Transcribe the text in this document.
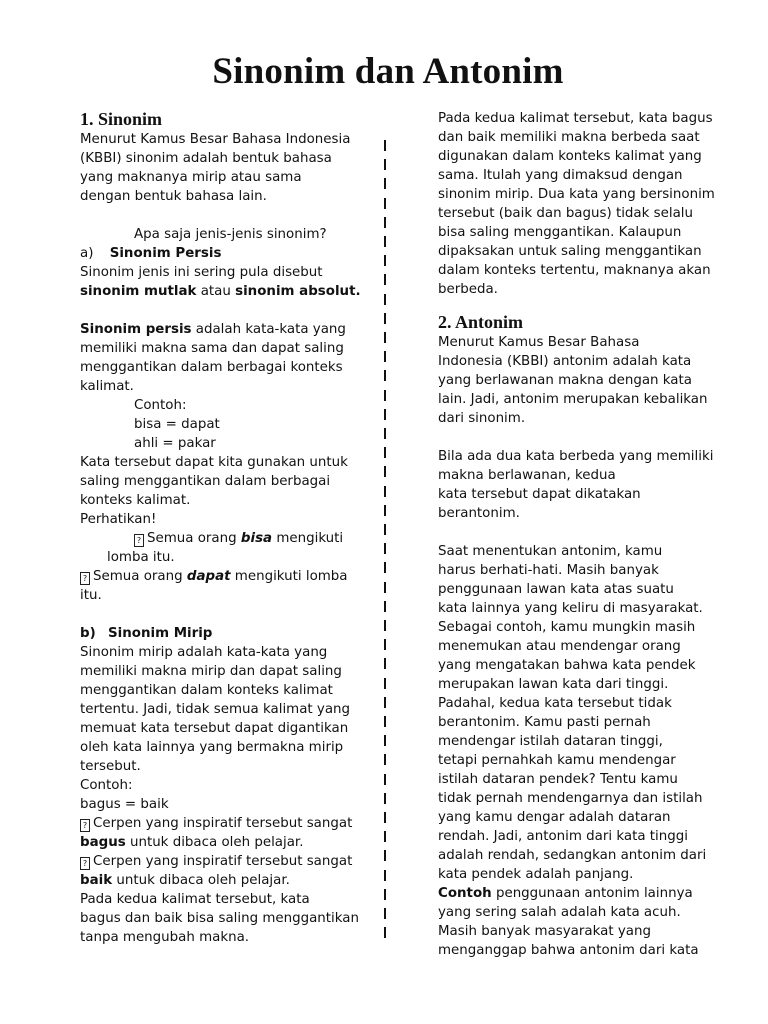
Sinonim dan Antonim
1. Sinonim
Menurut Kamus Besar Bahasa Indonesia
(KBBI) sinonim adalah bentuk bahasa
yang maknanya mirip atau sama
dengan bentuk bahasa lain.
Apa saja jenis-jenis sinonim?
a) Sinonim Persis
Sinonim jenis ini sering pula disebut
sinonim mutlak atau sinonim absolut.
Sinonim persis adalah kata-kata yang
memiliki makna sama dan dapat saling
menggantikan dalam berbagai konteks
kalimat.
Contoh:
bisa = dapat
ahli = pakar
Kata tersebut dapat kita gunakan untuk
saling menggantikan dalam berbagai
konteks kalimat.
Perhatikan!
? Semua orang bisa mengikuti
lomba itu.
? Semua orang dapat mengikuti lomba
itu.
b) Sinonim Mirip
Sinonim mirip adalah kata-kata yang
memiliki makna mirip dan dapat saling
menggantikan dalam konteks kalimat
tertentu. Jadi, tidak semua kalimat yang
memuat kata tersebut dapat digantikan
oleh kata lainnya yang bermakna mirip
tersebut.
Contoh:
bagus = baik
? Cerpen yang inspiratif tersebut sangat
bagus untuk dibaca oleh pelajar.
? Cerpen yang inspiratif tersebut sangat
baik untuk dibaca oleh pelajar.
Pada kedua kalimat tersebut, kata
bagus dan baik bisa saling menggantikan
tanpa mengubah makna.
Pada kedua kalimat tersebut, kata bagus
dan baik memiliki makna berbeda saat
digunakan dalam konteks kalimat yang
sama. Itulah yang dimaksud dengan
sinonim mirip. Dua kata yang bersinonim
tersebut (baik dan bagus) tidak selalu
bisa saling menggantikan. Kalaupun
dipaksakan untuk saling menggantikan
dalam konteks tertentu, maknanya akan
berbeda.
2. Antonim
Menurut Kamus Besar Bahasa
Indonesia (KBBI) antonim adalah kata
yang berlawanan makna dengan kata
lain. Jadi, antonim merupakan kebalikan
dari sinonim.
Bila ada dua kata berbeda yang memiliki
makna berlawanan, kedua
kata tersebut dapat dikatakan
berantonim.
Saat menentukan antonim, kamu
harus berhati-hati. Masih banyak
penggunaan lawan kata atas suatu
kata lainnya yang keliru di masyarakat.
Sebagai contoh, kamu mungkin masih
menemukan atau mendengar orang
yang mengatakan bahwa kata pendek
merupakan lawan kata dari tinggi.
Padahal, kedua kata tersebut tidak
berantonim. Kamu pasti pernah
mendengar istilah dataran tinggi,
tetapi pernahkah kamu mendengar
istilah dataran pendek? Tentu kamu
tidak pernah mendengarnya dan istilah
yang kamu dengar adalah dataran
rendah. Jadi, antonim dari kata tinggi
adalah rendah, sedangkan antonim dari
kata pendek adalah panjang.
Contoh penggunaan antonim lainnya
yang sering salah adalah kata acuh.
Masih banyak masyarakat yang
menganggap bahwa antonim dari kata
